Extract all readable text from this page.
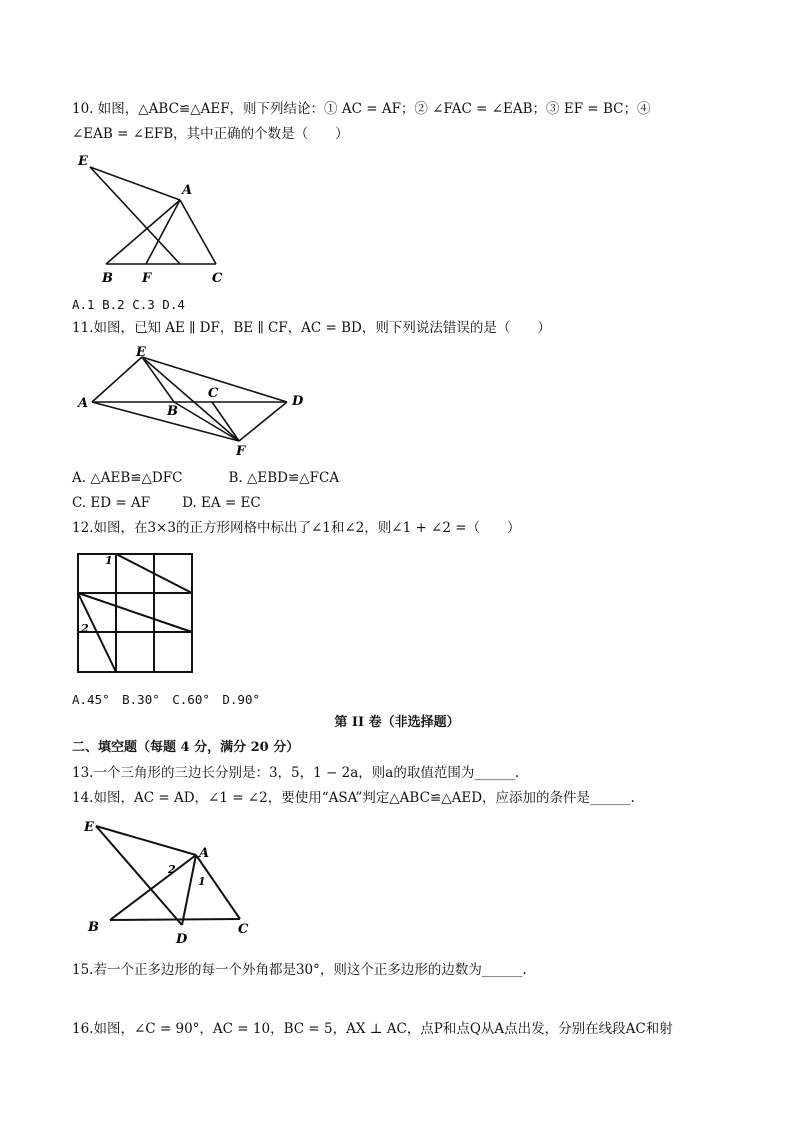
10. 如图，△ABC≌△AEF，则下列结论：① AC = AF；② ∠FAC = ∠EAB；③ EF = BC；④
∠EAB = ∠EFB，其中正确的个数是（　　）
E
A
B F	C
A.1 B.2 C.3 D.4
11.如图，已知 AE ∥ DF，BE ∥ CF，AC = BD，则下列说法错误的是（　　）
E
A
B
C
D
F
A. △AEB≌△DFC	B. △EBD≌△FCA
C. ED = AF D. EA = EC
12.如图，在3×3的正方形网格中标出了∠1和∠2，则∠1 + ∠2 =（　　）
1
2
A.45°　B.30°　C.60°　D.90°
第 II 卷（非选择题）
二、填空题（每题 4 分，满分 20 分）
13.一个三角形的三边长分别是：3，5，1 − 2a，则a的取值范围为______.
14.如图，AC = AD，∠1 = ∠2，要使用“ASA”判定△ABC≌△AED，应添加的条件是______.
E
A
2
1
B
D
C
15.若一个正多边形的每一个外角都是30°，则这个正多边形的边数为______.
16.如图，∠C = 90°，AC = 10，BC = 5，AX ⊥ AC，点P和点Q从A点出发，分别在线段AC和射
